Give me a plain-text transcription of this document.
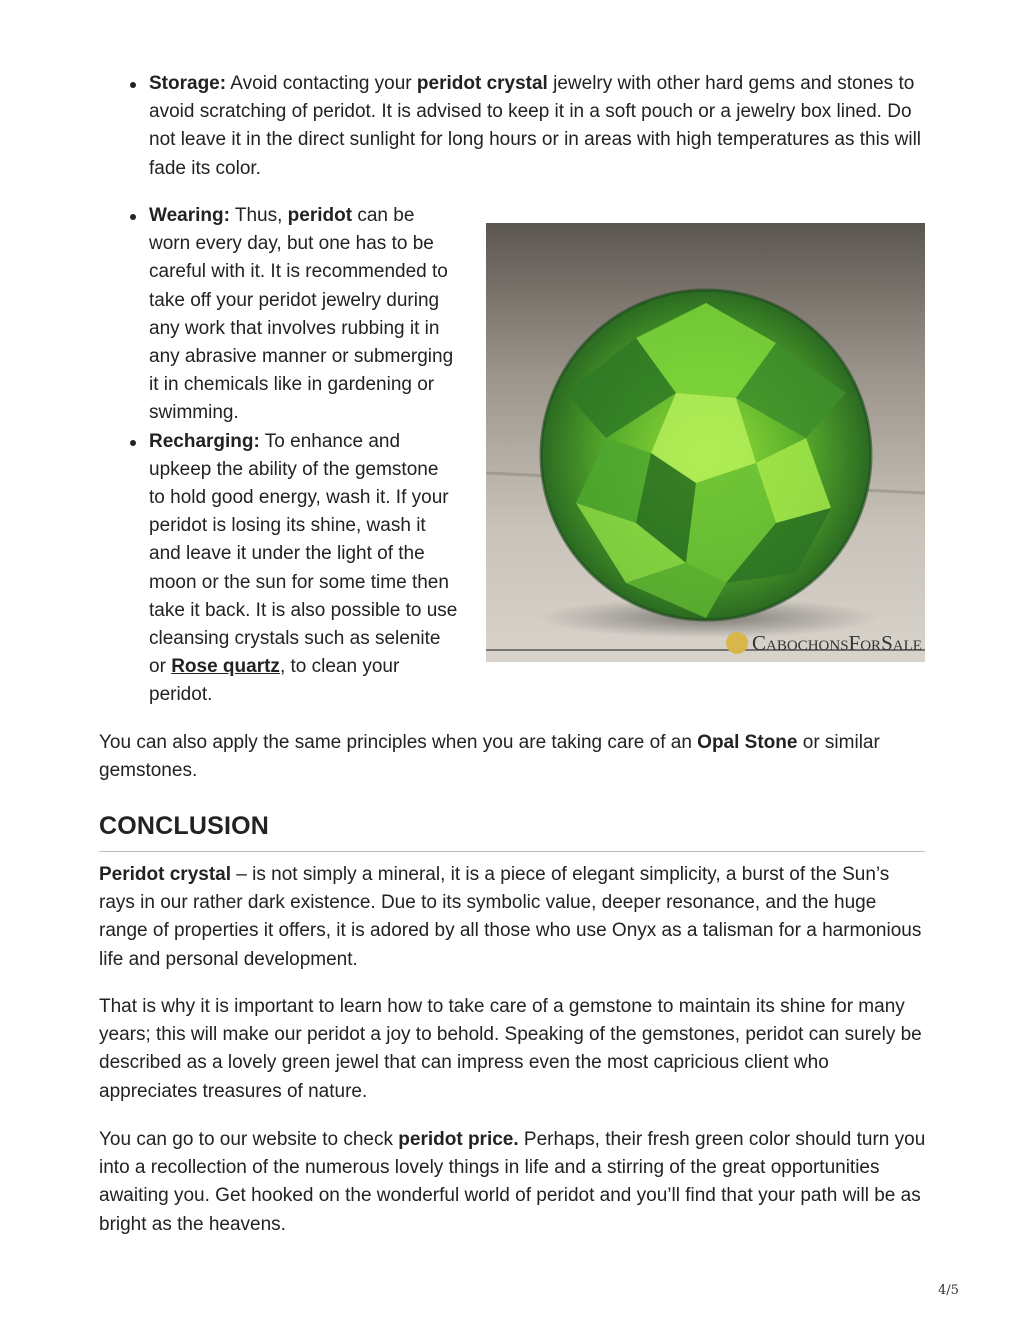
Storage: Avoid contacting your peridot crystal jewelry with other hard gems and stones to avoid scratching of peridot. It is advised to keep it in a soft pouch or a jewelry box lined. Do not leave it in the direct sunlight for long hours or in areas with high temperatures as this will fade its color.
Wearing: Thus, peridot can be worn every day, but one has to be careful with it. It is recommended to take off your peridot jewelry during any work that involves rubbing it in any abrasive manner or submerging it in chemicals like in gardening or swimming.
Recharging: To enhance and upkeep the ability of the gemstone to hold good energy, wash it. If your peridot is losing its shine, wash it and leave it under the light of the moon or the sun for some time then take it back. It is also possible to use cleansing crystals such as selenite or Rose quartz, to clean your peridot.
CABOCHONSFORSALE

You can also apply the same principles when you are taking care of an Opal Stone or similar gemstones.

CONCLUSION

Peridot crystal – is not simply a mineral, it is a piece of elegant simplicity, a burst of the Sun’s rays in our rather dark existence. Due to its symbolic value, deeper resonance, and the huge range of properties it offers, it is adored by all those who use Onyx as a talisman for a harmonious life and personal development.

That is why it is important to learn how to take care of a gemstone to maintain its shine for many years; this will make our peridot a joy to behold. Speaking of the gemstones, peridot can surely be described as a lovely green jewel that can impress even the most capricious client who appreciates treasures of nature.

You can go to our website to check peridot price. Perhaps, their fresh green color should turn you into a recollection of the numerous lovely things in life and a stirring of the great opportunities awaiting you. Get hooked on the wonderful world of peridot and you’ll find that your path will be as bright as the heavens.

4/5
